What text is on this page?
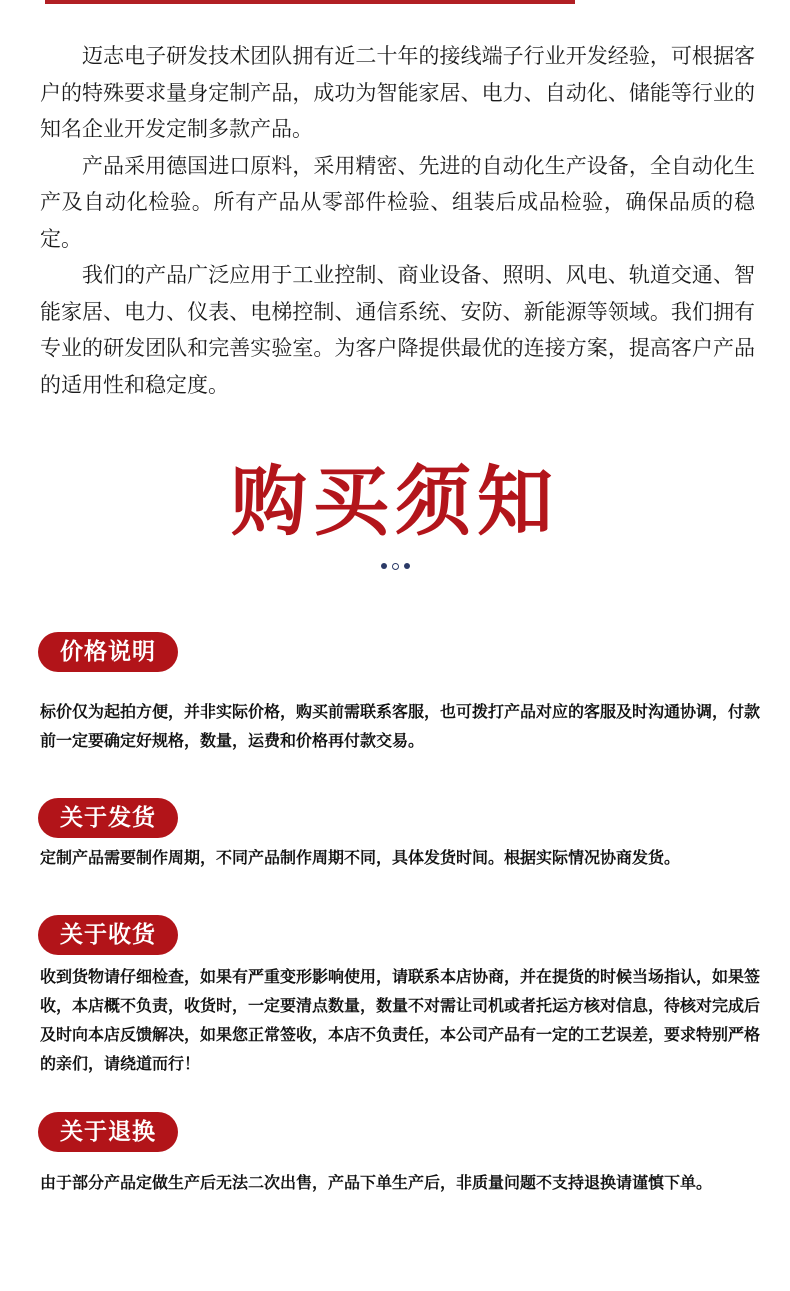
迈志电子研发技术团队拥有近二十年的接线端子行业开发经验，可根据客户的特殊要求量身定制产品，成功为智能家居、电力、自动化、储能等行业的知名企业开发定制多款产品。

产品采用德国进口原料，采用精密、先进的自动化生产设备，全自动化生产及自动化检验。所有产品从零部件检验、组装后成品检验，确保品质的稳定。

我们的产品广泛应用于工业控制、商业设备、照明、风电、轨道交通、智能家居、电力、仪表、电梯控制、通信系统、安防、新能源等领域。我们拥有专业的研发团队和完善实验室。为客户降提供最优的连接方案，提高客户产品的适用性和稳定度。

购买须知
价格说明
标价仅为起拍方便，并非实际价格，购买前需联系客服，也可拨打产品对应的客服及时沟通协调，付款前一定要确定好规格，数量，运费和价格再付款交易。
关于发货
定制产品需要制作周期，不同产品制作周期不同，具体发货时间。根据实际情况协商发货。
关于收货
收到货物请仔细检查，如果有严重变形影响使用，请联系本店协商，并在提货的时候当场指认，如果签收，本店概不负责，收货时，一定要清点数量，数量不对需让司机或者托运方核对信息，待核对完成后及时向本店反馈解决，如果您正常签收，本店不负责任，本公司产品有一定的工艺误差，要求特别严格的亲们，请绕道而行！
关于退换
由于部分产品定做生产后无法二次出售，产品下单生产后，非质量问题不支持退换请谨慎下单。
